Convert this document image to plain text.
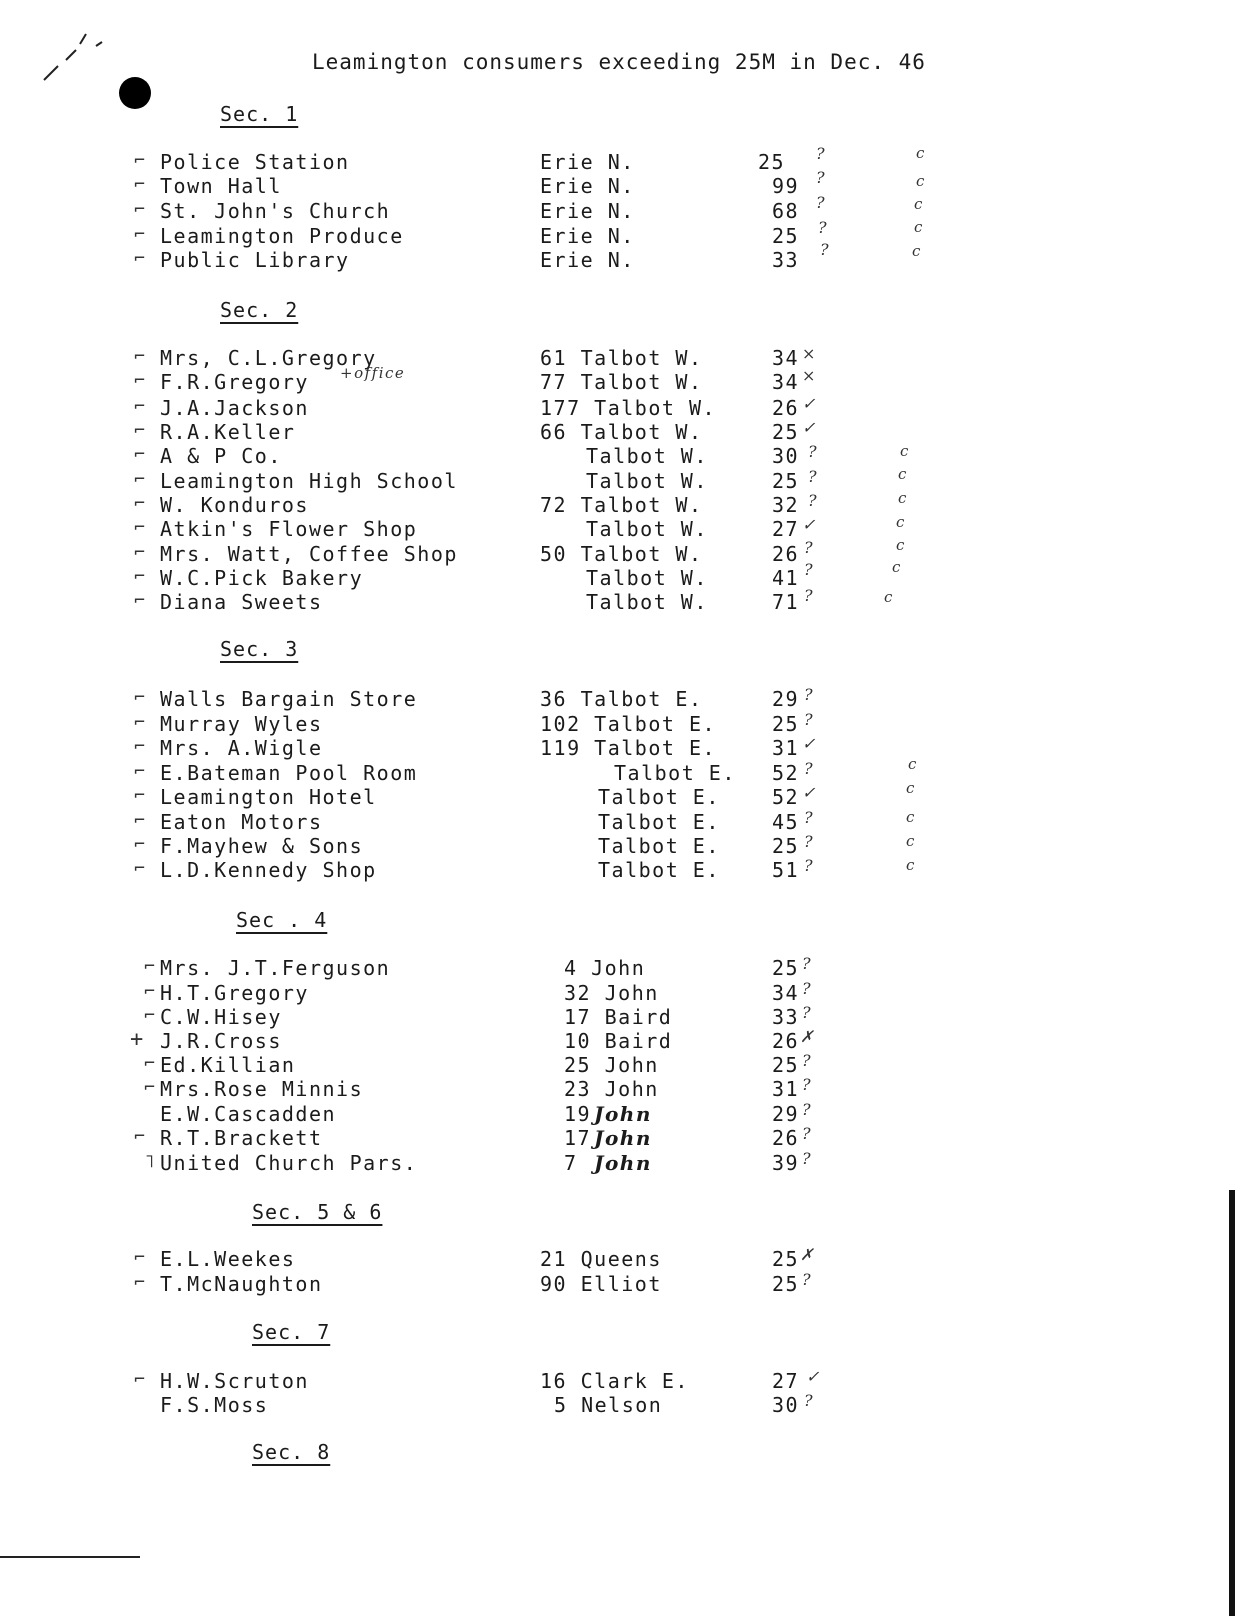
Leamington consumers exceeding 25M in Dec. 46
Sec. 1
⌐ Police Station	Erie N.	25 ?	c
⌐ Town Hall	Erie N.	99 ?	c
⌐ St. John's Church	Erie N.	68 ?	c
⌐ Leamington Produce	Erie N.	25 ?	c
⌐ Public Library	Erie N.	33 ?	c
Sec. 2
⌐ Mrs, C.L.Gregory	61 Talbot W.	34 ×
⌐ F.R.Gregory +office	77 Talbot W.	34 ×
⌐ J.A.Jackson	177 Talbot W.	26 ✓
⌐ R.A.Keller	66 Talbot W.	25 ✓
⌐ A & P Co.	Talbot W.	30 ?	c
⌐ Leamington High School	Talbot W.	25 ?	c
⌐ W. Konduros	72 Talbot W.	32 ?	c
⌐ Atkin's Flower Shop	Talbot W.	27 ✓	c
⌐ Mrs. Watt, Coffee Shop	50 Talbot W.	26 ?	c
⌐ W.C.Pick Bakery	Talbot W.	41 ?	c
⌐ Diana Sweets	Talbot W.	71 ?	c
Sec. 3
⌐ Walls Bargain Store	36 Talbot E.	29 ?
⌐ Murray Wyles	102 Talbot E.	25 ?
⌐ Mrs. A.Wigle	119 Talbot E.	31 ✓
⌐ E.Bateman Pool Room	Talbot E. 52 ?	c
⌐ Leamington Hotel	Talbot E.	52 ✓	c
⌐ Eaton Motors	Talbot E.	45 ?	c
⌐ F.Mayhew & Sons	Talbot E.	25 ?	c
⌐ L.D.Kennedy Shop	Talbot E.	51 ?	c
Sec . 4
⌐ Mrs. J.T.Ferguson	4 John	25 ?
⌐ H.T.Gregory	32 John	34 ?
⌐ C.W.Hisey	17 Baird	33 ?
+ J.R.Cross	10 Baird	26 ✗
⌐ Ed.Killian	25 John	25 ?
⌐ Mrs.Rose Minnis	23 John	31 ?
E.W.Cascadden	19 John	29 ?
⌐ R.T.Brackett	17 John	26 ?
˥ United Church Pars.	7 John	39 ?
Sec. 5 & 6
⌐ E.L.Weekes	21 Queens	25 ✗
⌐ T.McNaughton	90 Elliot	25 ?
Sec. 7
⌐ H.W.Scruton	16 Clark E.	27 ✓
F.S.Moss	5 Nelson	30 ?
Sec. 8
